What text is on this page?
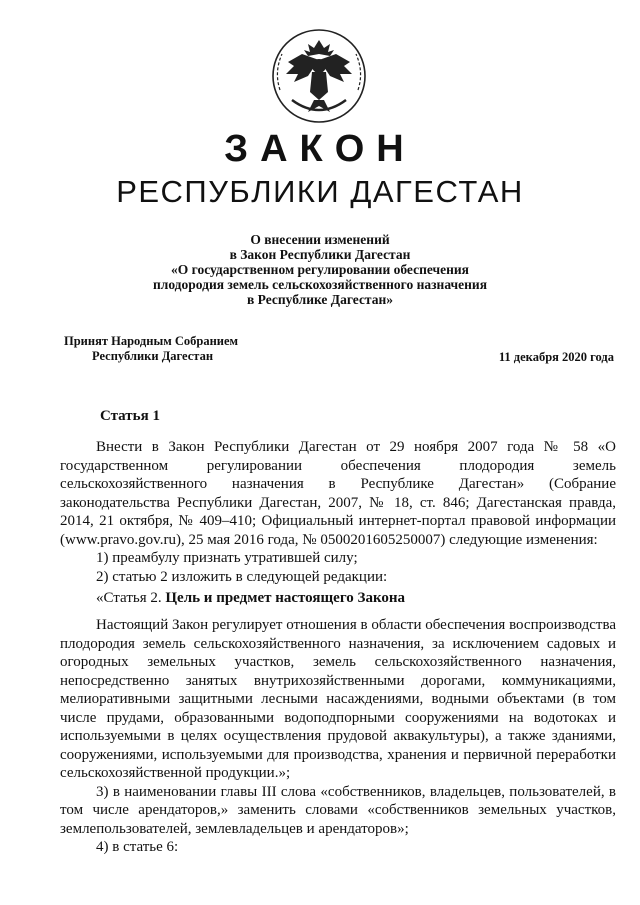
ЗАКОН
РЕСПУБЛИКИ ДАГЕСТАН
О внесении изменений
в Закон Республики Дагестан
«О государственном регулировании обеспечения
плодородия земель сельскохозяйственного назначения
в Республике Дагестан»
Принят Народным Собранием
Республики Дагестан	11 декабря 2020 года
Статья 1
Внести в Закон Республики Дагестан от 29 ноября 2007 года № 58 «О государственном регулировании обеспечения плодородия земель сельскохозяйственного назначения в Республике Дагестан» (Собрание законодательства Республики Дагестан, 2007, № 18, ст. 846; Дагестанская правда, 2014, 21 октября, № 409–410; Официальный интернет-портал правовой информации (www.pravo.gov.ru), 25 мая 2016 года, № 0500201605250007) следующие изменения:
1) преамбулу признать утратившей силу;
2) статью 2 изложить в следующей редакции:
«Статья 2. Цель и предмет настоящего Закона
Настоящий Закон регулирует отношения в области обеспечения воспроизводства плодородия земель сельскохозяйственного назначения, за исключением садовых и огородных земельных участков, земель сельскохозяйственного назначения, непосредственно занятых внутрихозяйственными дорогами, коммуникациями, мелиоративными защитными лесными насаждениями, водными объектами (в том числе прудами, образованными водоподпорными сооружениями на водотоках и используемыми в целях осуществления прудовой аквакультуры), а также зданиями, сооружениями, используемыми для производства, хранения и первичной переработки сельскохозяйственной продукции.»;
3) в наименовании главы III слова «собственников, владельцев, пользователей, в том числе арендаторов,» заменить словами «собственников земельных участков, землепользователей, землевладельцев и арендаторов»;
4) в статье 6:
